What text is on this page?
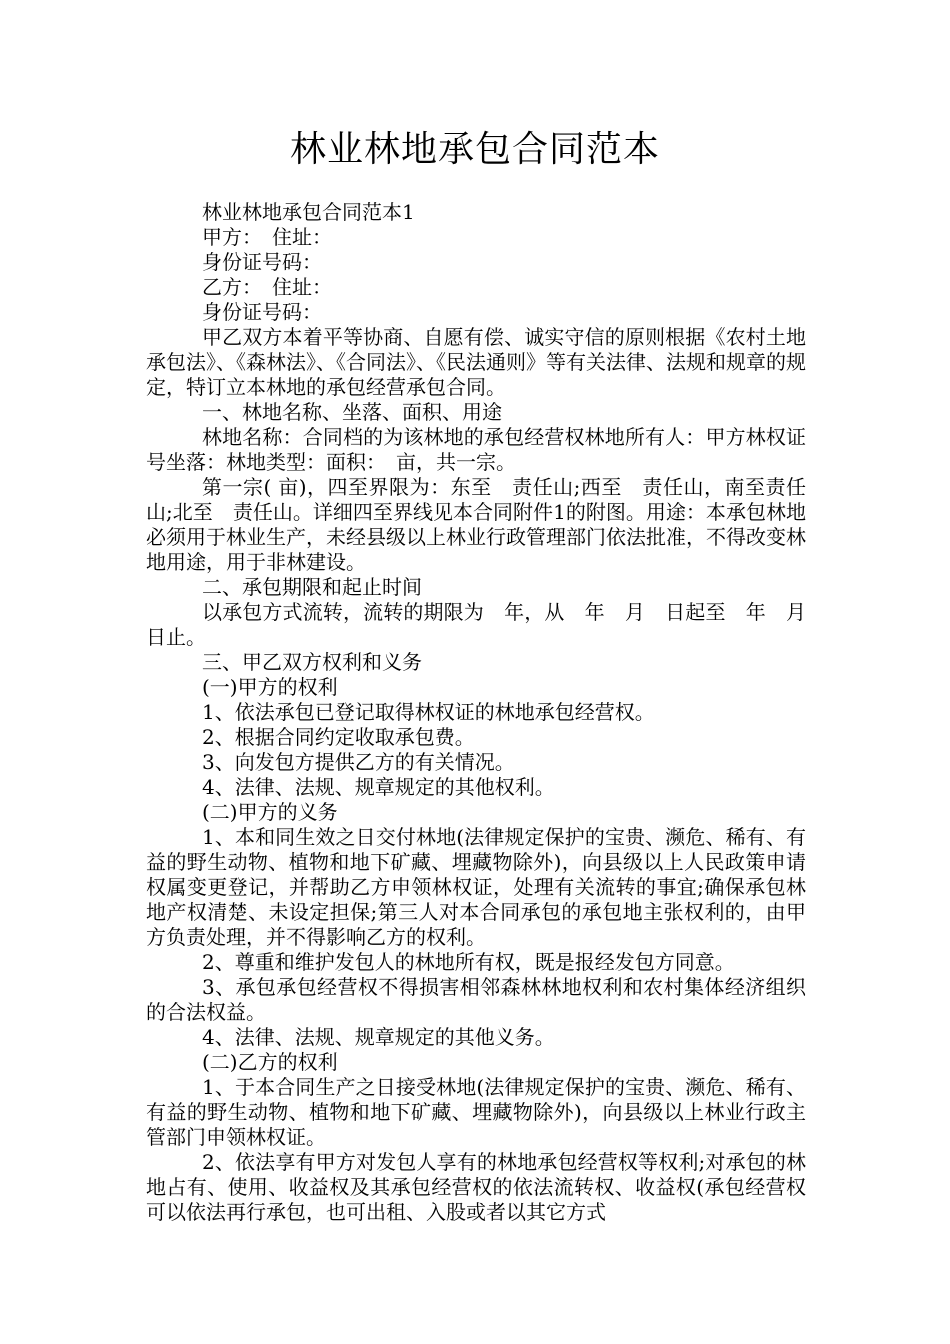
林业林地承包合同范本

林业林地承包合同范本1

甲方：　住址：

身份证号码：

乙方：　住址：

身份证号码：

甲乙双方本着平等协商、自愿有偿、诚实守信的原则根据《农村土地承包法》、《森林法》、《合同法》、《民法通则》等有关法律、法规和规章的规定，特订立本林地的承包经营承包合同。

一、林地名称、坐落、面积、用途

林地名称：合同档的为该林地的承包经营权林地所有人：甲方林权证号坐落：林地类型：面积：　亩，共一宗。

第一宗( 亩)，四至界限为：东至　责任山;西至　责任山，南至责任山;北至　责任山。详细四至界线见本合同附件1的附图。用途：本承包林地必须用于林业生产，未经县级以上林业行政管理部门依法批准，不得改变林地用途，用于非林建设。

二、承包期限和起止时间

以承包方式流转，流转的期限为　年，从　年　月　日起至　年　月　日止。

三、甲乙双方权利和义务

(一)甲方的权利

1、依法承包已登记取得林权证的林地承包经营权。

2、根据合同约定收取承包费。

3、向发包方提供乙方的有关情况。

4、法律、法规、规章规定的其他权利。

(二)甲方的义务

1、本和同生效之日交付林地(法律规定保护的宝贵、濒危、稀有、有益的野生动物、植物和地下矿藏、埋藏物除外)，向县级以上人民政策申请权属变更登记，并帮助乙方申领林权证，处理有关流转的事宜;确保承包林地产权清楚、未设定担保;第三人对本合同承包的承包地主张权利的，由甲方负责处理，并不得影响乙方的权利。

2、尊重和维护发包人的林地所有权，既是报经发包方同意。

3、承包承包经营权不得损害相邻森林林地权利和农村集体经济组织的合法权益。

4、法律、法规、规章规定的其他义务。

(二)乙方的权利

1、于本合同生产之日接受林地(法律规定保护的宝贵、濒危、稀有、有益的野生动物、植物和地下矿藏、埋藏物除外)，向县级以上林业行政主管部门申领林权证。

2、依法享有甲方对发包人享有的林地承包经营权等权利;对承包的林地占有、使用、收益权及其承包经营权的依法流转权、收益权(承包经营权可以依法再行承包，也可出租、入股或者以其它方式
